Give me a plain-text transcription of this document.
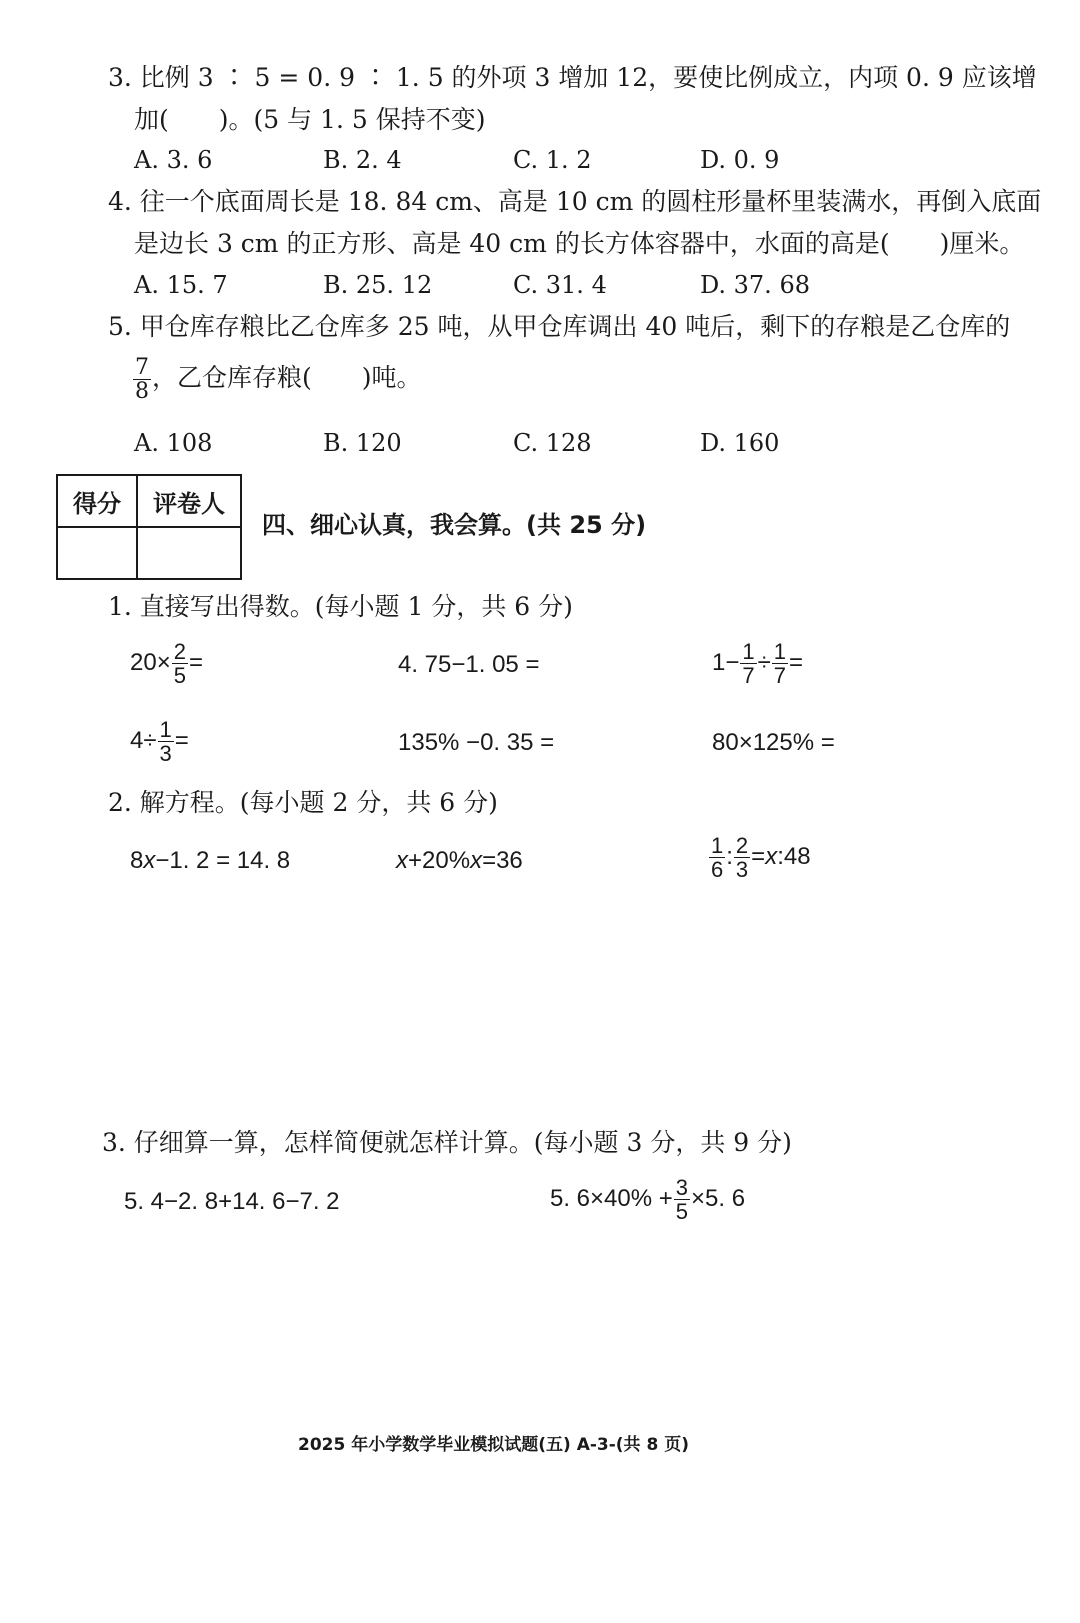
3. 比例 3 ∶ 5 = 0. 9 ∶ 1. 5 的外项 3 增加 12，要使比例成立，内项 0. 9 应该增
加(　　)。(5 与 1. 5 保持不变)
A. 3. 6	B. 2. 4	C. 1. 2	D. 0. 9
4. 往一个底面周长是 18. 84 cm、高是 10 cm 的圆柱形量杯里装满水，再倒入底面
是边长 3 cm 的正方形、高是 40 cm 的长方体容器中，水面的高是(　　)厘米。
A. 15. 7	B. 25. 12	C. 31. 4	D. 37. 68
5. 甲仓库存粮比乙仓库多 25 吨，从甲仓库调出 40 吨后，剩下的存粮是乙仓库的
$\frac{7}{8}$ ，乙仓库存粮(　　)吨。
A. 108	B. 120	C. 128	D. 160
得分	评卷人

四、细心认真，我会算。(共 25 分)
1. 直接写出得数。(每小题 1 分，共 6 分)
$20\times \frac{2}{5}$ =	4. 75−1. 05 =	$1- \frac{1}{7} \div \frac{1}{7}$ =
$4\div \frac{1}{3}$ =	135% −0. 35 =	80×125% =
2. 解方程。(每小题 2 分，共 6 分)
8x−1. 2 = 14. 8	x+20%x=36	$\frac{1}{6}$ : $\frac{2}{3}$ =x:48
3. 仔细算一算，怎样简便就怎样计算。(每小题 3 分，共 9 分)
5. 4−2. 8+14. 6−7. 2	5. $6\times 40\% + \frac{3}{5} \times 5$. 6
2025 年小学数学毕业模拟试题(五) A-3-(共 8 页)
